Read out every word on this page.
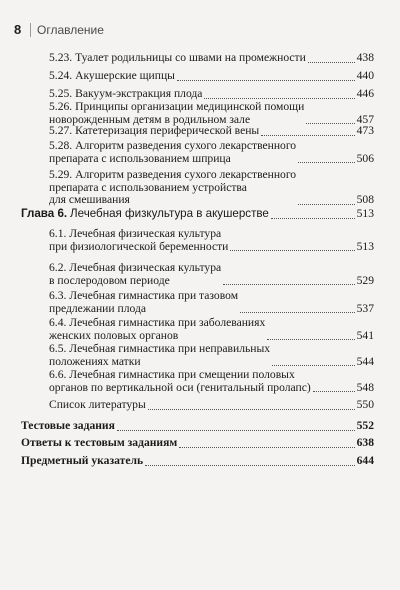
8 Оглавление
5.23. Туалет родильницы со швами на промежности	438
5.24. Акушерские щипцы	440
5.25. Вакуум-экстракция плода	446
5.26. Принципы организации медицинской помощи
новорожденным детям в родильном зале	457
5.27. Катетеризация периферической вены	473
5.28. Алгоритм разведения сухого лекарственного
препарата с использованием шприца	506
5.29. Алгоритм разведения сухого лекарственного
препарата с использованием устройства
для смешивания	508
Глава 6. Лечебная физкультура в акушерстве	513
6.1. Лечебная физическая культура
при физиологической беременности	513
6.2. Лечебная физическая культура
в послеродовом периоде	529
6.3. Лечебная гимнастика при тазовом
предлежании плода	537
6.4. Лечебная гимнастика при заболеваниях
женских половых органов	541
6.5. Лечебная гимнастика при неправильных
положениях матки	544
6.6. Лечебная гимнастика при смещении половых
органов по вертикальной оси (генитальный пролапс)	548
Список литературы	550
Тестовые задания	552
Ответы к тестовым заданиям	638
Предметный указатель	644
